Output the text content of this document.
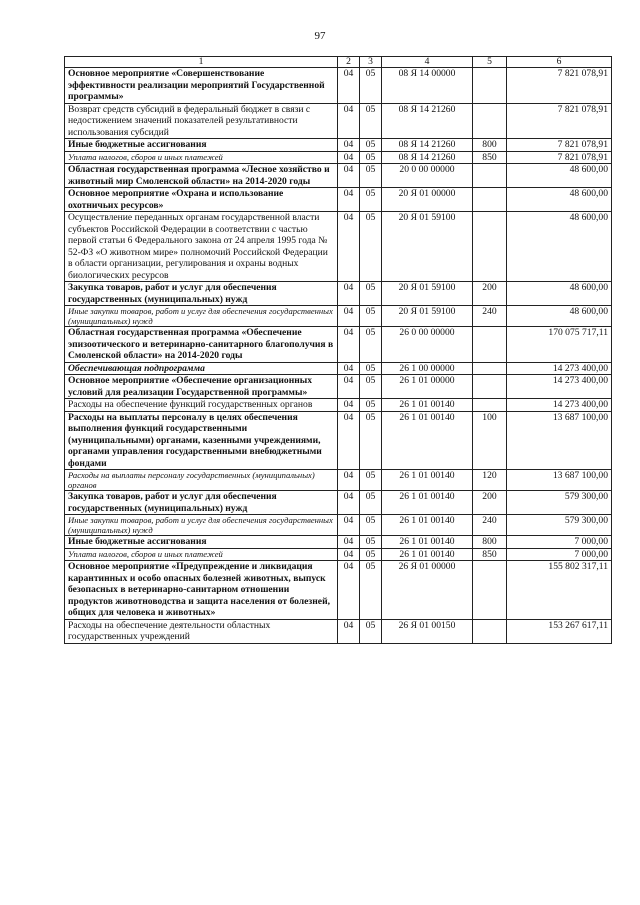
97
1	2	3	4	5	6
Основное мероприятие «Совершенствование эффективности реализации мероприятий Государственной программы»	04	05	08 Я 14 00000		7 821 078,91
Возврат средств субсидий в федеральный бюджет в связи с недостижением значений показателей результативности использования субсидий	04	05	08 Я 14 21260		7 821 078,91
Иные бюджетные ассигнования	04	05	08 Я 14 21260	800	7 821 078,91
Уплата налогов, сборов и иных платежей	04	05	08 Я 14 21260	850	7 821 078,91
Областная государственная программа «Лесное хозяйство и животный мир Смоленской области» на 2014-2020 годы	04	05	20 0 00 00000		48 600,00
Основное мероприятие «Охрана и использование охотничьих ресурсов»	04	05	20 Я 01 00000		48 600,00
Осуществление переданных органам государственной власти субъектов Российской Федерации в соответствии с частью первой статьи 6 Федерального закона от 24 апреля 1995 года № 52-ФЗ «О животном мире» полномочий Российской Федерации в области организации, регулирования и охраны водных биологических ресурсов	04	05	20 Я 01 59100		48 600,00
Закупка товаров, работ и услуг для обеспечения государственных (муниципальных) нужд	04	05	20 Я 01 59100	200	48 600,00
Иные закупки товаров, работ и услуг для обеспечения государственных (муниципальных) нужд	04	05	20 Я 01 59100	240	48 600,00
Областная государственная программа «Обеспечение эпизоотического и ветеринарно-санитарного благополучия в Смоленской области» на 2014-2020 годы	04	05	26 0 00 00000		170 075 717,11
Обеспечивающая подпрограмма	04	05	26 1 00 00000		14 273 400,00
Основное мероприятие «Обеспечение организационных условий для реализации Государственной программы»	04	05	26 1 01 00000		14 273 400,00
Расходы на обеспечение функций государственных органов	04	05	26 1 01 00140		14 273 400,00
Расходы на выплаты персоналу в целях обеспечения выполнения функций государственными (муниципальными) органами, казенными учреждениями, органами управления государственными внебюджетными фондами	04	05	26 1 01 00140	100	13 687 100,00
Расходы на выплаты персоналу государственных (муниципальных) органов	04	05	26 1 01 00140	120	13 687 100,00
Закупка товаров, работ и услуг для обеспечения государственных (муниципальных) нужд	04	05	26 1 01 00140	200	579 300,00
Иные закупки товаров, работ и услуг для обеспечения государственных (муниципальных) нужд	04	05	26 1 01 00140	240	579 300,00
Иные бюджетные ассигнования	04	05	26 1 01 00140	800	7 000,00
Уплата налогов, сборов и иных платежей	04	05	26 1 01 00140	850	7 000,00
Основное мероприятие «Предупреждение и ликвидация карантинных и особо опасных болезней животных, выпуск безопасных в ветеринарно-санитарном отношении продуктов животноводства и защита населения от болезней, общих для человека и животных»	04	05	26 Я 01 00000		155 802 317,11
Расходы на обеспечение деятельности областных государственных учреждений	04	05	26 Я 01 00150		153 267 617,11
